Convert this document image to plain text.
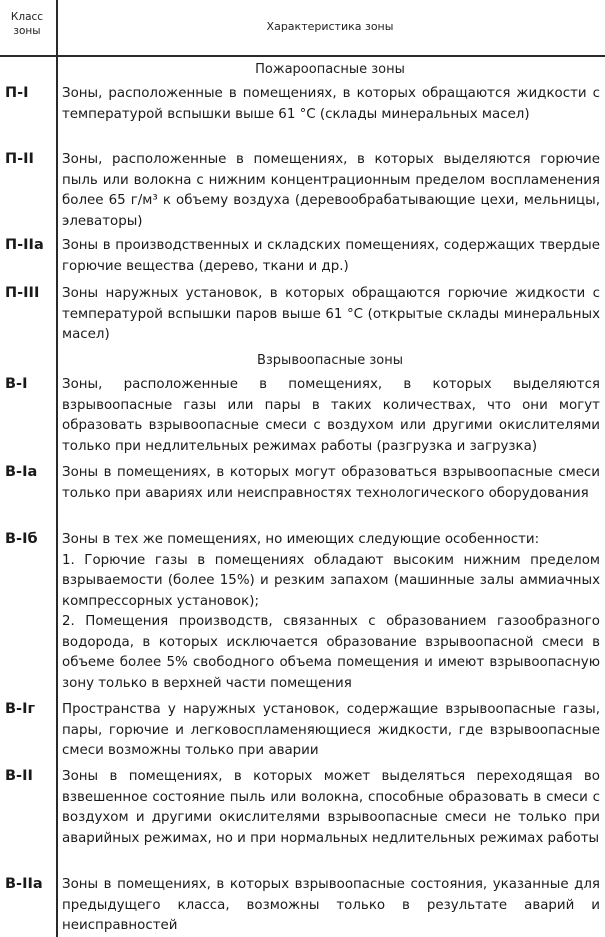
Класс зоны	Характеристика зоны
Пожароопасные зоны
П-I	Зоны, расположенные в помещениях, в которых обращаются жидкости с температурой вспышки выше 61 °С (склады минеральных масел)
П-II	Зоны, расположенные в помещениях, в которых выделяются горючие пыль или волокна с нижним концентрационным пределом воспламенения более 65 г/м³ к объему воздуха (деревообрабатывающие цехи, мельницы, элеваторы)
П-IIа	Зоны в производственных и складских помещениях, содержащих твердые горючие вещества (дерево, ткани и др.)
П-III	Зоны наружных установок, в которых обращаются горючие жидкости с температурой вспышки паров выше 61 °С (открытые склады минеральных масел)
Взрывоопасные зоны
В-I	Зоны, расположенные в помещениях, в которых выделяются взрывоопасные газы или пары в таких количествах, что они могут образовать взрывоопасные смеси с воздухом или другими окислителями только при недлительных режимах работы (разгрузка и загрузка)
В-Iа	Зоны в помещениях, в которых могут образоваться взрывоопасные смеси только при авариях или неисправностях технологического оборудования
В-Iб	Зоны в тех же помещениях, но имеющих следующие особенности:

1. Горючие газы в помещениях обладают высоким нижним пределом взрываемости (более 15%) и резким запахом (машинные залы аммиачных компрессорных установок);

2. Помещения производств, связанных с образованием газообразного водорода, в которых исключается образование взрывоопасной смеси в объеме более 5% свободного объема помещения и имеют взрывоопасную зону только в верхней части помещения

В-Iг	Пространства у наружных установок, содержащие взрывоопасные газы, пары, горючие и легковоспламеняющиеся жидкости, где взрывоопасные смеси возможны только при аварии
В-II	Зоны в помещениях, в которых может выделяться переходящая во взвешенное состояние пыль или волокна, способные образовать в смеси с воздухом и другими окислителями взрывоопасные смеси не только при аварийных режимах, но и при нормальных недлительных режимах работы
В-IIа	Зоны в помещениях, в которых взрывоопасные состояния, указанные для предыдущего класса, возможны только в результате аварий и неисправностей
